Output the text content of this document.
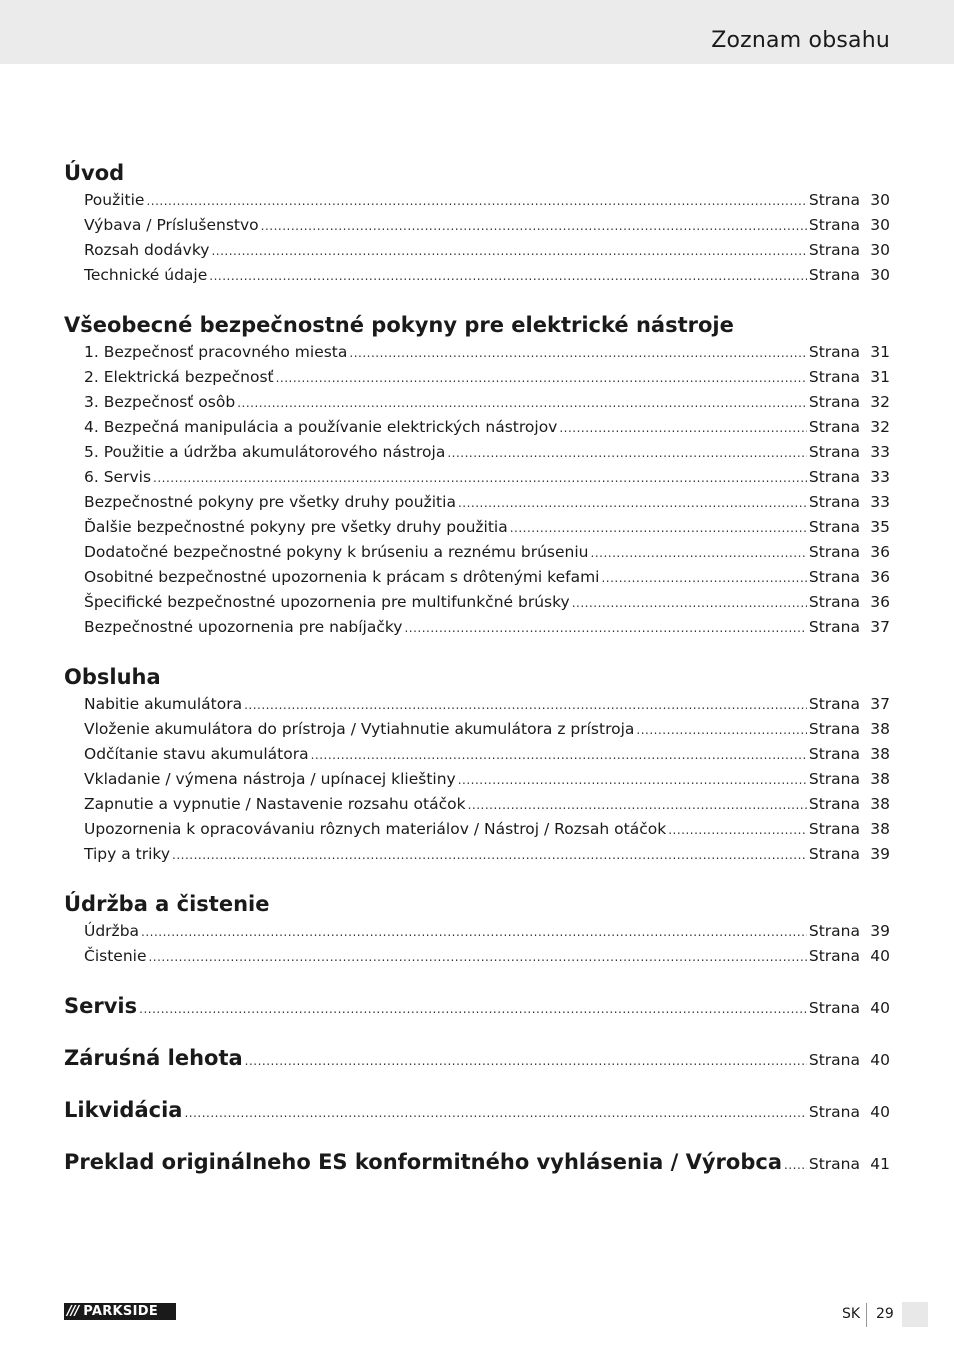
Zoznam obsahu
Úvod
Použitie .....	Strana 30
Výbava / Príslušenstvo .....	Strana 30
Rozsah dodávky .....	Strana 30
Technické údaje .....	Strana 30
Všeobecné bezpečnostné pokyny pre elektrické nástroje
1. Bezpečnosť pracovného miesta .....	Strana 31
2. Elektrická bezpečnosť .....	Strana 31
3. Bezpečnosť osôb .....	Strana 32
4. Bezpečná manipulácia a používanie elektrických nástrojov .....	Strana 32
5. Použitie a údržba akumulátorového nástroja .....	Strana 33
6. Servis .....	Strana 33
Bezpečnostné pokyny pre všetky druhy použitia .....	Strana 33
Ďalšie bezpečnostné pokyny pre všetky druhy použitia .....	Strana 35
Dodatočné bezpečnostné pokyny k brúseniu a reznému brúseniu .....	Strana 36
Osobitné bezpečnostné upozornenia k prácam s drôtenými kefami .....	Strana 36
Špecifické bezpečnostné upozornenia pre multifunkčné brúsky .....	Strana 36
Bezpečnostné upozornenia pre nabíjačky .....	Strana 37
Obsluha
Nabitie akumulátora .....	Strana 37
Vloženie akumulátora do prístroja / Vytiahnutie akumulátora z prístroja .....	Strana 38
Odčítanie stavu akumulátora .....	Strana 38
Vkladanie / výmena nástroja / upínacej klieštiny .....	Strana 38
Zapnutie a vypnutie / Nastavenie rozsahu otáčok .....	Strana 38
Upozornenia k opracovávaniu rôznych materiálov / Nástroj / Rozsah otáčok .....	Strana 38
Tipy a triky .....	Strana 39
Údržba a čistenie
Údržba .....	Strana 39
Čistenie .....	Strana 40
Servis .....	Strana 40
Záruśná lehota .....	Strana 40
Likvidácia .....	Strana 40
Preklad originálneho ES konformitného vyhlásenia / Výrobca ..... Strana 41
/// PARKSIDE	SK 29
